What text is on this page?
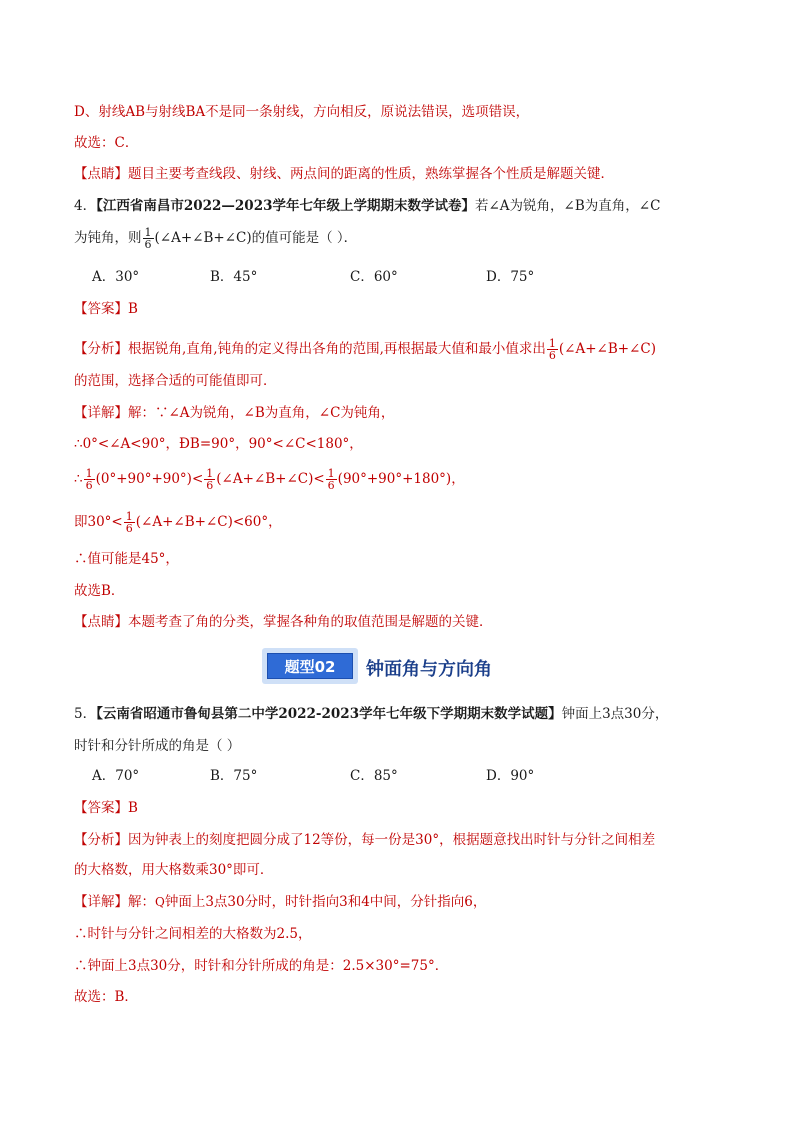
D、射线AB与射线BA不是同一条射线，方向相反，原说法错误，选项错误，
故选：C．
【点睛】题目主要考查线段、射线、两点间的距离的性质，熟练掌握各个性质是解题关键．
4．【江西省南昌市2022—2023学年七年级上学期期末数学试卷】若∠A为锐角，∠B为直角，∠C
为钝角，则 $\frac{1}{6}$ (∠A+∠B+∠C)的值可能是（ ）．
A．30°	B．45°	C．60°	D．75°
【答案】B
【分析】根据锐角,直角,钝角的定义得出各角的范围,再根据最大值和最小值求出 $\frac{1}{6}$ (∠A+∠B+∠C)
的范围，选择合适的可能值即可．
【详解】解：∵∠A为锐角，∠B为直角，∠C为钝角，
∴0°<∠A<90°，ÐB=90°，90°<∠C<180°，
∴ $\frac{1}{6} (0^\circ+90^\circ+90^\circ)< \frac{1}{6}$ (∠A+∠B+∠C)< $\frac{1}{6} (90^\circ+90^\circ+180^\circ)$，
即$30^\circ< \frac{1}{6}$ (∠A+∠B+∠C)<60°，
∴值可能是45°，
故选B．
【点睛】本题考查了角的分类，掌握各种角的取值范围是解题的关键．
题型02	钟面角与方向角
5．【云南省昭通市鲁甸县第二中学2022-2023学年七年级下学期期末数学试题】钟面上3点30分，
时针和分针所成的角是（ ）
A．70°	B．75°	C．85°	D．90°
【答案】B
【分析】因为钟表上的刻度把圆分成了12等份，每一份是30°，根据题意找出时针与分针之间相差
的大格数，用大格数乘30°即可．
【详解】解：Q钟面上3点30分时，时针指向3和4中间，分针指向6，
∴时针与分针之间相差的大格数为2.5，
∴钟面上3点30分，时针和分针所成的角是：2.5×30°=75°．
故选：B．
